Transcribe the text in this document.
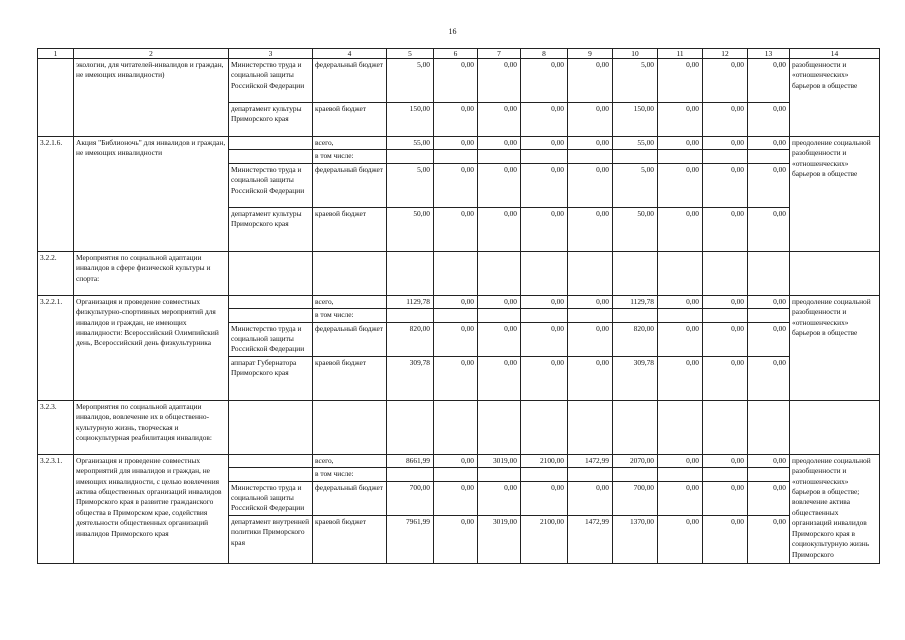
16
1	2	3	4	5	6	7	8	9	10	11	12	13	14
	экологии, для читателей-инвалидов и граждан, не имеющих инвалидности)	Министерство труда и социальной защиты Российской Федерации	федеральный бюджет	5,00	0,00	0,00	0,00	0,00	5,00	0,00	0,00	0,00	разобщенности и «отношенческих» барьеров в обществе
		департамент культуры Приморского края	краевой бюджет	150,00	0,00	0,00	0,00	0,00	150,00	0,00	0,00	0,00	
3.2.1.6.	Акция "Библионочь" для инвалидов и граждан, не имеющих инвалидности		всего,	55,00	0,00	0,00	0,00	0,00	55,00	0,00	0,00	0,00	преодоление социальной разобщенности и «отношенческих» барьеров в обществе
			в том числе:										
		Министерство труда и социальной защиты Российской Федерации	федеральный бюджет	5,00	0,00	0,00	0,00	0,00	5,00	0,00	0,00	0,00	
		департамент культуры Приморского края	краевой бюджет	50,00	0,00	0,00	0,00	0,00	50,00	0,00	0,00	0,00	
3.2.2.	Мероприятия по социальной адаптации инвалидов в сфере физической культуры и спорта:												
3.2.2.1.	Организация и проведение совместных физкультурно-спортивных мероприятий для инвалидов и граждан, не имеющих инвалидности: Всероссийский Олимпийский день, Всероссийский день физкультурника		всего,	1129,78	0,00	0,00	0,00	0,00	1129,78	0,00	0,00	0,00	преодоление социальной разобщенности и «отношенческих» барьеров в обществе
			в том числе:										
		Министерство труда и социальной защиты Российской Федерации	федеральный бюджет	820,00	0,00	0,00	0,00	0,00	820,00	0,00	0,00	0,00	
		аппарат Губернатора Приморского края	краевой бюджет	309,78	0,00	0,00	0,00	0,00	309,78	0,00	0,00	0,00	
3.2.3.	Мероприятия по социальной адаптации инвалидов, вовлечение их в общественно-культурную жизнь, творческая и социокультурная реабилитация инвалидов:												
3.2.3.1.	Организация и проведение совместных мероприятий для инвалидов и граждан, не имеющих инвалидности, с целью вовлечения актива общественных организаций инвалидов Приморского края в развитие гражданского общества в Приморском крае, содействия деятельности общественных организаций инвалидов Приморского края		всего,	8661,99	0,00	3019,00	2100,00	1472,99	2070,00	0,00	0,00	0,00	преодоление социальной разобщенности и «отношенческих» барьеров в обществе; вовлечение актива общественных организаций инвалидов Приморского края в социокультурную жизнь Приморского
			в том числе:										
		Министерство труда и социальной защиты Российской Федерации	федеральный бюджет	700,00	0,00	0,00	0,00	0,00	700,00	0,00	0,00	0,00	
		департамент внутренней политики Приморского края	краевой бюджет	7961,99	0,00	3019,00	2100,00	1472,99	1370,00	0,00	0,00	0,00	
